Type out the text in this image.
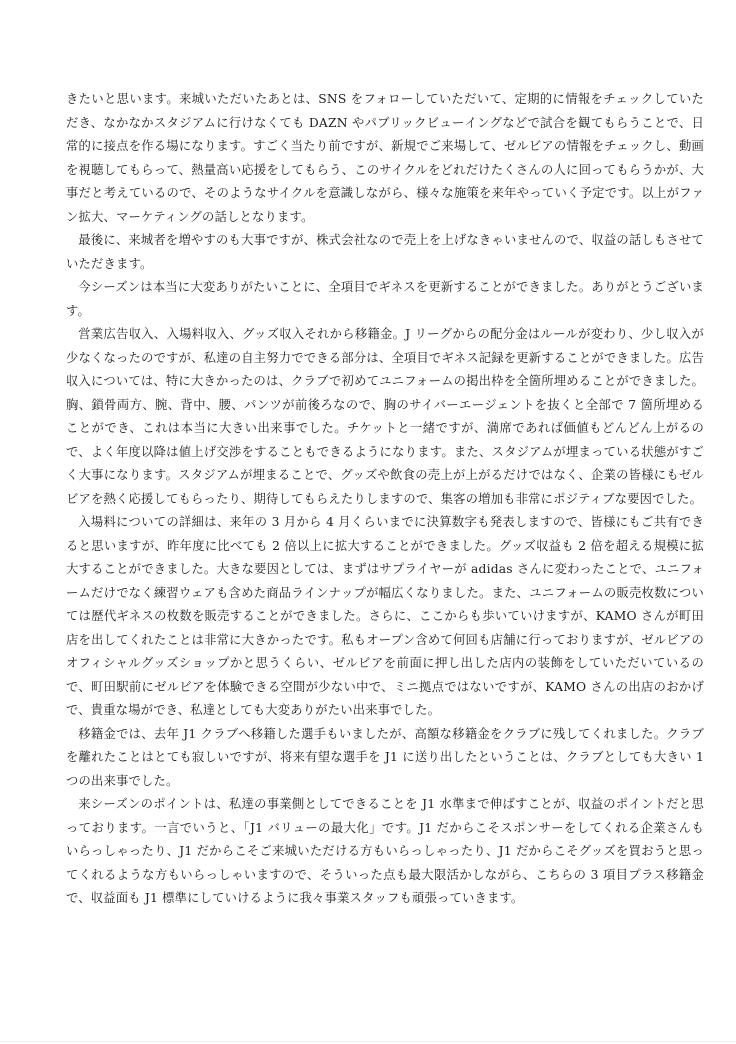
きたいと思います。来城いただいたあとは、SNS をフォローしていただいて、定期的に情報をチェックしていただき、なかなかスタジアムに行けなくても DAZN やパブリックビューイングなどで試合を観てもらうことで、日常的に接点を作る場になります。すごく当たり前ですが、新規でご来場して、ゼルビアの情報をチェックし、動画を視聴してもらって、熱量高い応援をしてもらう、このサイクルをどれだけたくさんの人に回ってもらうかが、大事だと考えているので、そのようなサイクルを意識しながら、様々な施策を来年やっていく予定です。以上がファン拡大、マーケティングの話しとなります。

最後に、来城者を増やすのも大事ですが、株式会社なので売上を上げなきゃいませんので、収益の話しもさせていただきます。

今シーズンは本当に大変ありがたいことに、全項目でギネスを更新することができました。ありがとうございます。

営業広告収入、入場料収入、グッズ収入それから移籍金。J リーグからの配分金はルールが変わり、少し収入が少なくなったのですが、私達の自主努力でできる部分は、全項目でギネス記録を更新することができました。広告収入については、特に大きかったのは、クラブで初めてユニフォームの掲出枠を全箇所埋めることができました。胸、鎖骨両方、腕、背中、腰、パンツが前後ろなので、胸のサイバーエージェントを抜くと全部で 7 箇所埋めることができ、これは本当に大きい出来事でした。チケットと一緒ですが、満席であれば価値もどんどん上がるので、よく年度以降は値上げ交渉をすることもできるようになります。また、スタジアムが埋まっている状態がすごく大事になります。スタジアムが埋まることで、グッズや飲食の売上が上がるだけではなく、企業の皆様にもゼルビアを熱く応援してもらったり、期待してもらえたりしますので、集客の増加も非常にポジティブな要因でした。

入場料についての詳細は、来年の 3 月から 4 月くらいまでに決算数字も発表しますので、皆様にもご共有できると思いますが、昨年度に比べても 2 倍以上に拡大することができました。グッズ収益も 2 倍を超える規模に拡大することができました。大きな要因としては、まずはサプライヤーが adidas さんに変わったことで、ユニフォームだけでなく練習ウェアも含めた商品ラインナップが幅広くなりました。また、ユニフォームの販売枚数については歴代ギネスの枚数を販売することができました。さらに、ここからも歩いていけますが、KAMO さんが町田店を出してくれたことは非常に大きかったです。私もオープン含めて何回も店舗に行っておりますが、ゼルビアのオフィシャルグッズショップかと思うくらい、ゼルビアを前面に押し出した店内の装飾をしていただいているので、町田駅前にゼルビアを体験できる空間が少ない中で、ミニ拠点ではないですが、KAMO さんの出店のおかげで、貴重な場ができ、私達としても大変ありがたい出来事でした。

移籍金では、去年 J1 クラブへ移籍した選手もいましたが、高額な移籍金をクラブに残してくれました。クラブを離れたことはとても寂しいですが、将来有望な選手を J1 に送り出したということは、クラブとしても大きい 1 つの出来事でした。

来シーズンのポイントは、私達の事業側としてできることを J1 水準まで伸ばすことが、収益のポイントだと思っております。一言でいうと、「J1 バリューの最大化」です。J1 だからこそスポンサーをしてくれる企業さんもいらっしゃったり、J1 だからこそご来城いただける方もいらっしゃったり、J1 だからこそグッズを買おうと思ってくれるような方もいらっしゃいますので、そういった点も最大限活かしながら、こちらの 3 項目プラス移籍金で、収益面も J1 標準にしていけるように我々事業スタッフも頑張っていきます。
